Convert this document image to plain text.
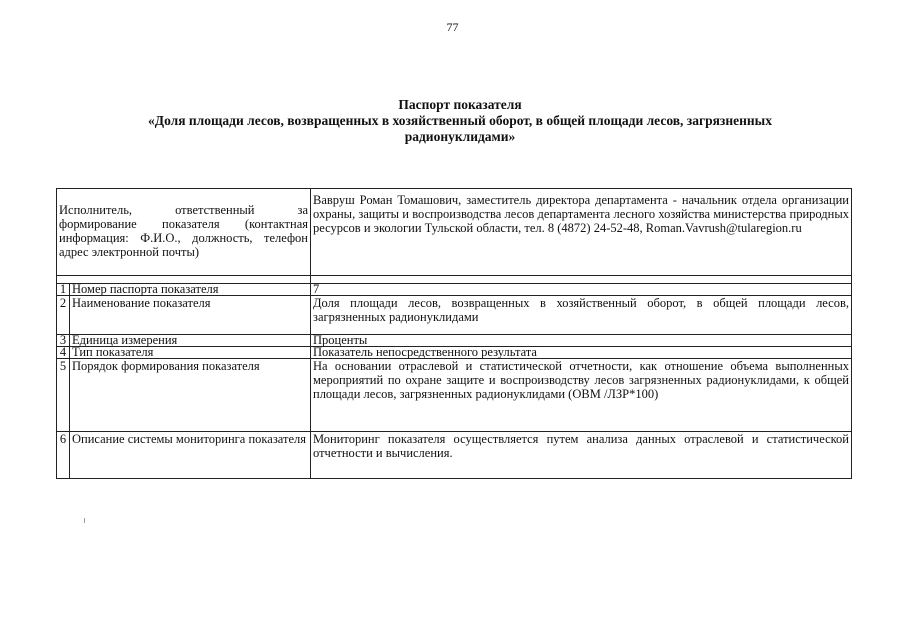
77
Паспорт показателя
«Доля площади лесов, возвращенных в хозяйственный оборот, в общей площади лесов, загрязненных
радионуклидами»
Исполнитель, ответственный за формирование показателя (контактная информация: Ф.И.О., должность, телефон адрес электронной почты)		Вавруш Роман Томашович, заместитель директора департамента - начальник отдела организации охраны, защиты и воспроизводства лесов департамента лесного хозяйства министерства природных ресурсов и экологии Тульской области, тел. 8 (4872) 24-52-48, Roman.Vavrush@tularegion.ru

1	Номер паспорта показателя	7
2	Наименование показателя	Доля площади лесов, возвращенных в хозяйственный оборот, в общей площади лесов, загрязненных радионуклидами
3	Единица измерения	Проценты
4	Тип показателя	Показатель непосредственного результата
5	Порядок формирования показателя	На основании отраслевой и статистической отчетности, как отношение объема выполненных мероприятий по охране защите и воспроизводству лесов загрязненных радионуклидами, к общей площади лесов, загрязненных радионуклидами (ОВМ /ЛЗР*100)
6	Описание системы мониторинга показателя	Мониторинг показателя осуществляется путем анализа данных отраслевой и статистической отчетности и вычисления.
